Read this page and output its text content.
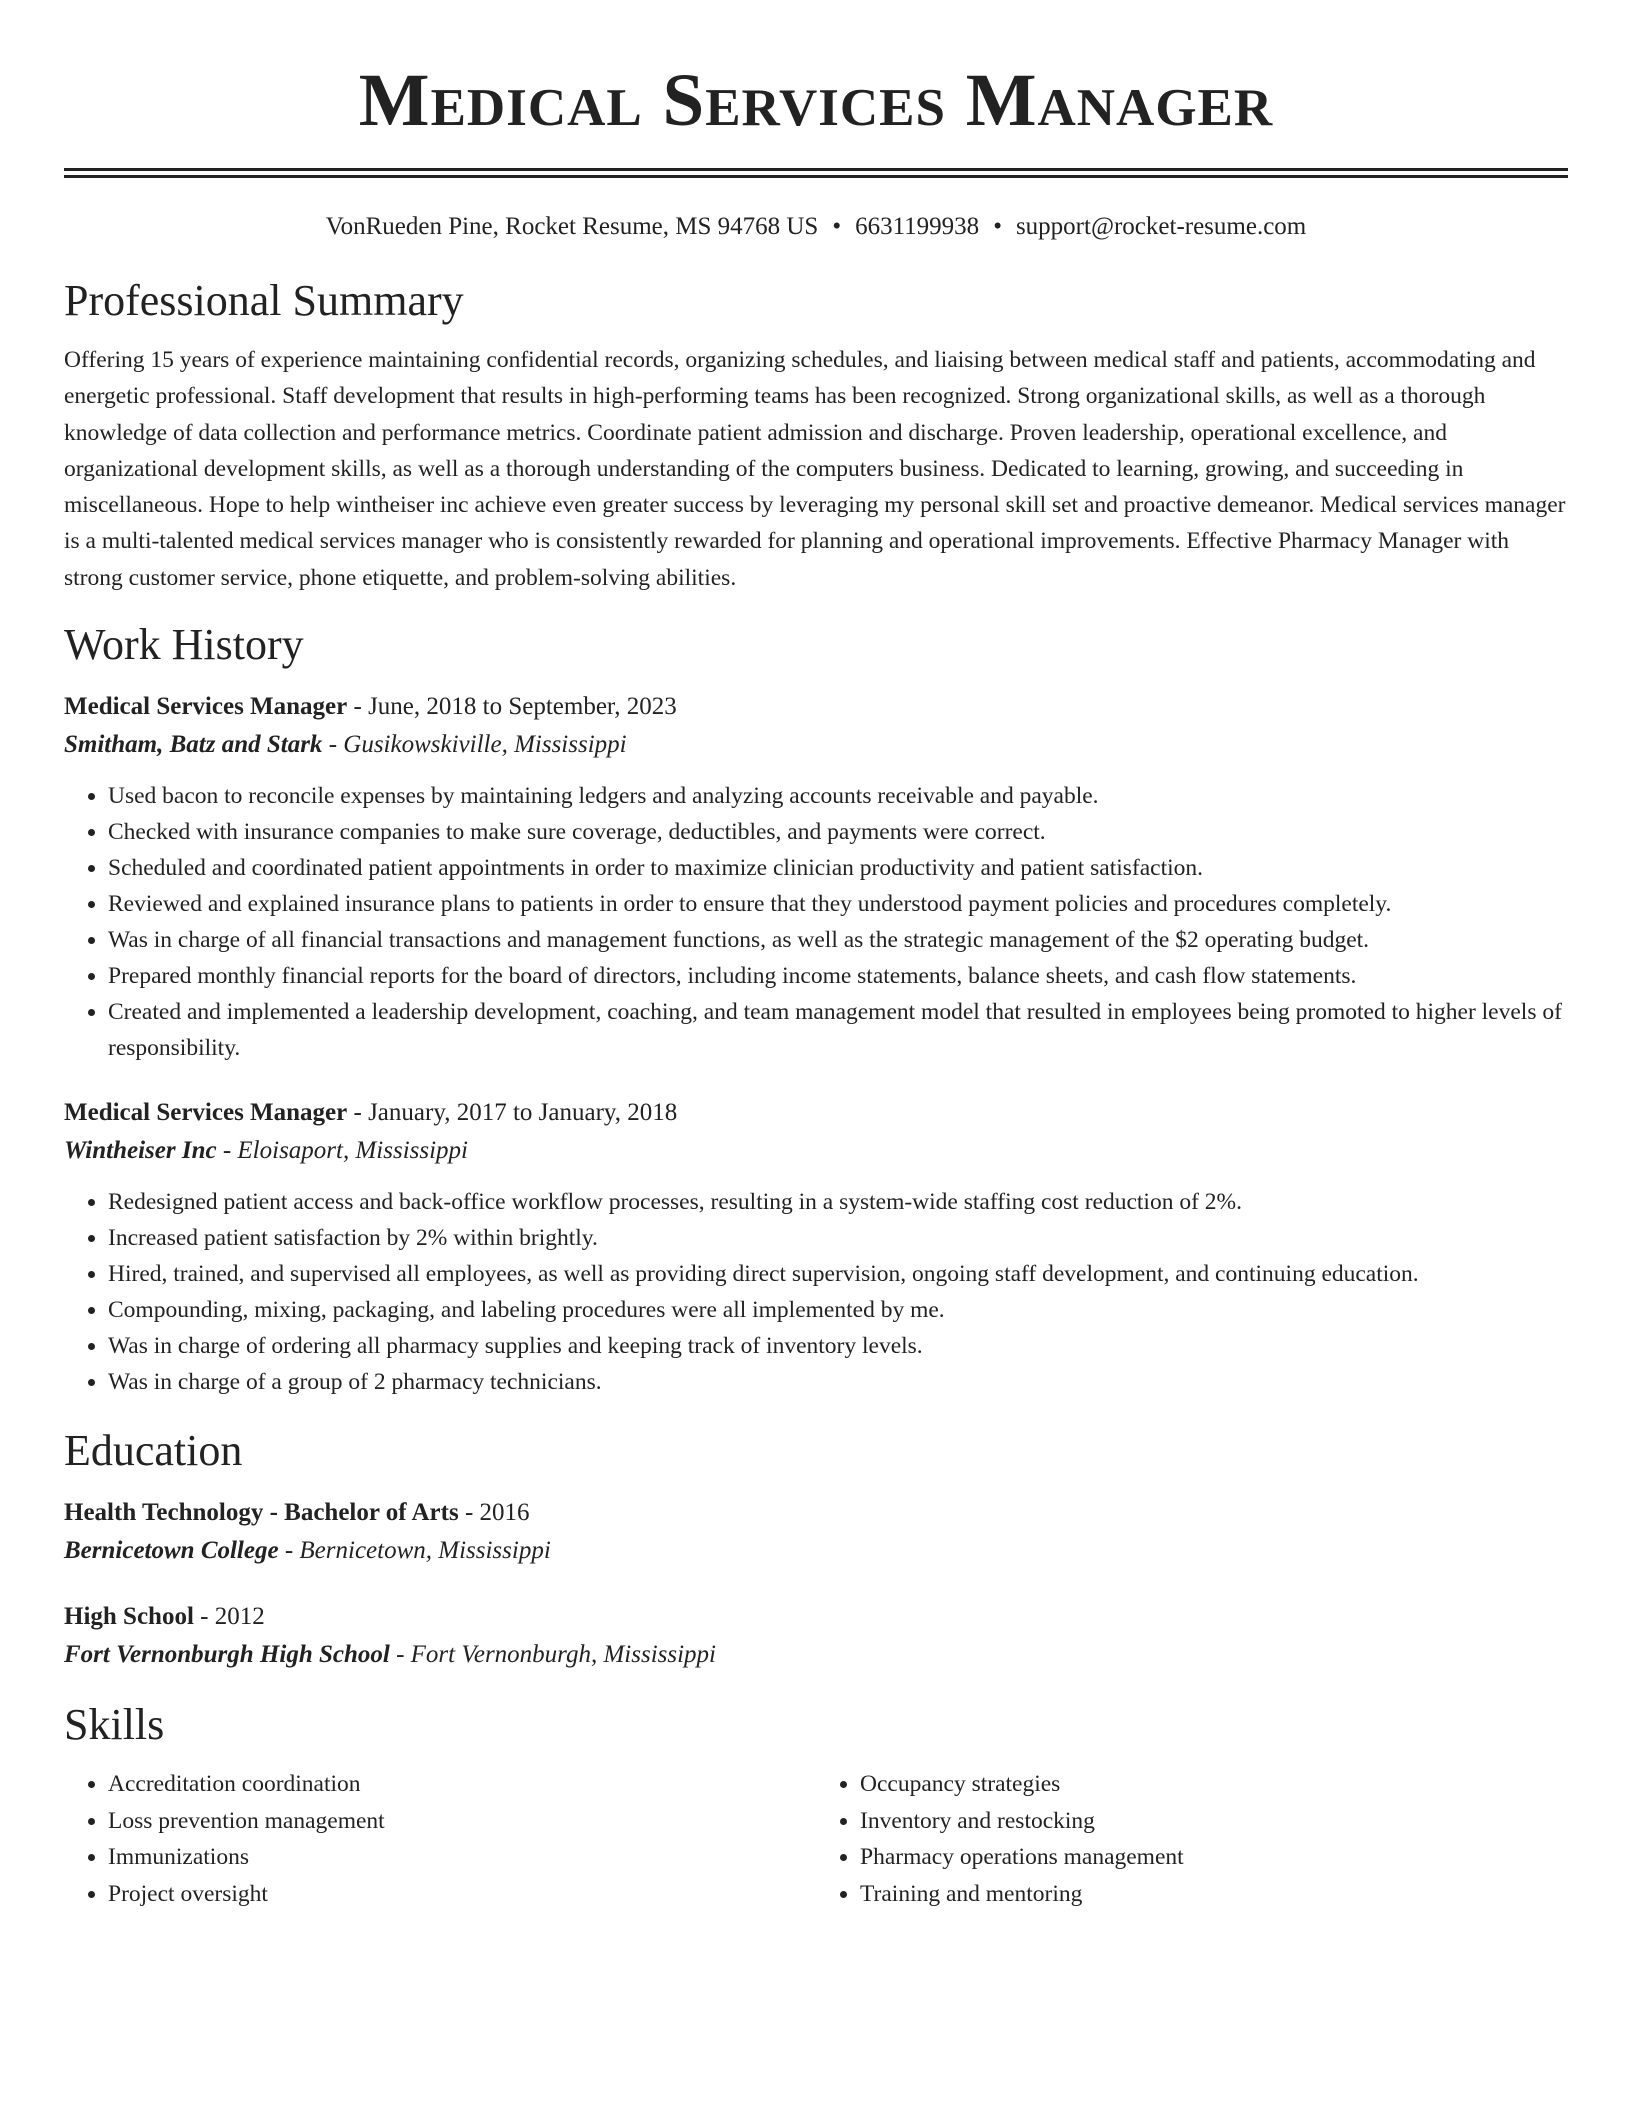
Medical Services Manager
VonRueden Pine, Rocket Resume, MS 94768 US • 6631199938 • support@rocket-resume.com
Professional Summary

Offering 15 years of experience maintaining confidential records, organizing schedules, and liaising between medical staff and patients, accommodating and energetic professional. Staff development that results in high-performing teams has been recognized. Strong organizational skills, as well as a thorough knowledge of data collection and performance metrics. Coordinate patient admission and discharge. Proven leadership, operational excellence, and organizational development skills, as well as a thorough understanding of the computers business. Dedicated to learning, growing, and succeeding in miscellaneous. Hope to help wintheiser inc achieve even greater success by leveraging my personal skill set and proactive demeanor. Medical services manager is a multi-talented medical services manager who is consistently rewarded for planning and operational improvements. Effective Pharmacy Manager with strong customer service, phone etiquette, and problem-solving abilities.

Work History
Medical Services Manager - June, 2018 to September, 2023
Smitham, Batz and Stark - Gusikowskiville, Mississippi
• Used bacon to reconcile expenses by maintaining ledgers and analyzing accounts receivable and payable.
• Checked with insurance companies to make sure coverage, deductibles, and payments were correct.
• Scheduled and coordinated patient appointments in order to maximize clinician productivity and patient satisfaction.
• Reviewed and explained insurance plans to patients in order to ensure that they understood payment policies and procedures completely.
• Was in charge of all financial transactions and management functions, as well as the strategic management of the $2 operating budget.
• Prepared monthly financial reports for the board of directors, including income statements, balance sheets, and cash flow statements.
• Created and implemented a leadership development, coaching, and team management model that resulted in employees being promoted to higher levels of responsibility.
Medical Services Manager - January, 2017 to January, 2018
Wintheiser Inc - Eloisaport, Mississippi
• Redesigned patient access and back-office workflow processes, resulting in a system-wide staffing cost reduction of 2%.
• Increased patient satisfaction by 2% within brightly.
• Hired, trained, and supervised all employees, as well as providing direct supervision, ongoing staff development, and continuing education.
• Compounding, mixing, packaging, and labeling procedures were all implemented by me.
• Was in charge of ordering all pharmacy supplies and keeping track of inventory levels.
• Was in charge of a group of 2 pharmacy technicians.
Education
Health Technology - Bachelor of Arts - 2016
Bernicetown College - Bernicetown, Mississippi
High School - 2012
Fort Vernonburgh High School - Fort Vernonburgh, Mississippi
Skills
• Accreditation coordination
• Loss prevention management
• Immunizations
• Project oversight
• Occupancy strategies
• Inventory and restocking
• Pharmacy operations management
• Training and mentoring
